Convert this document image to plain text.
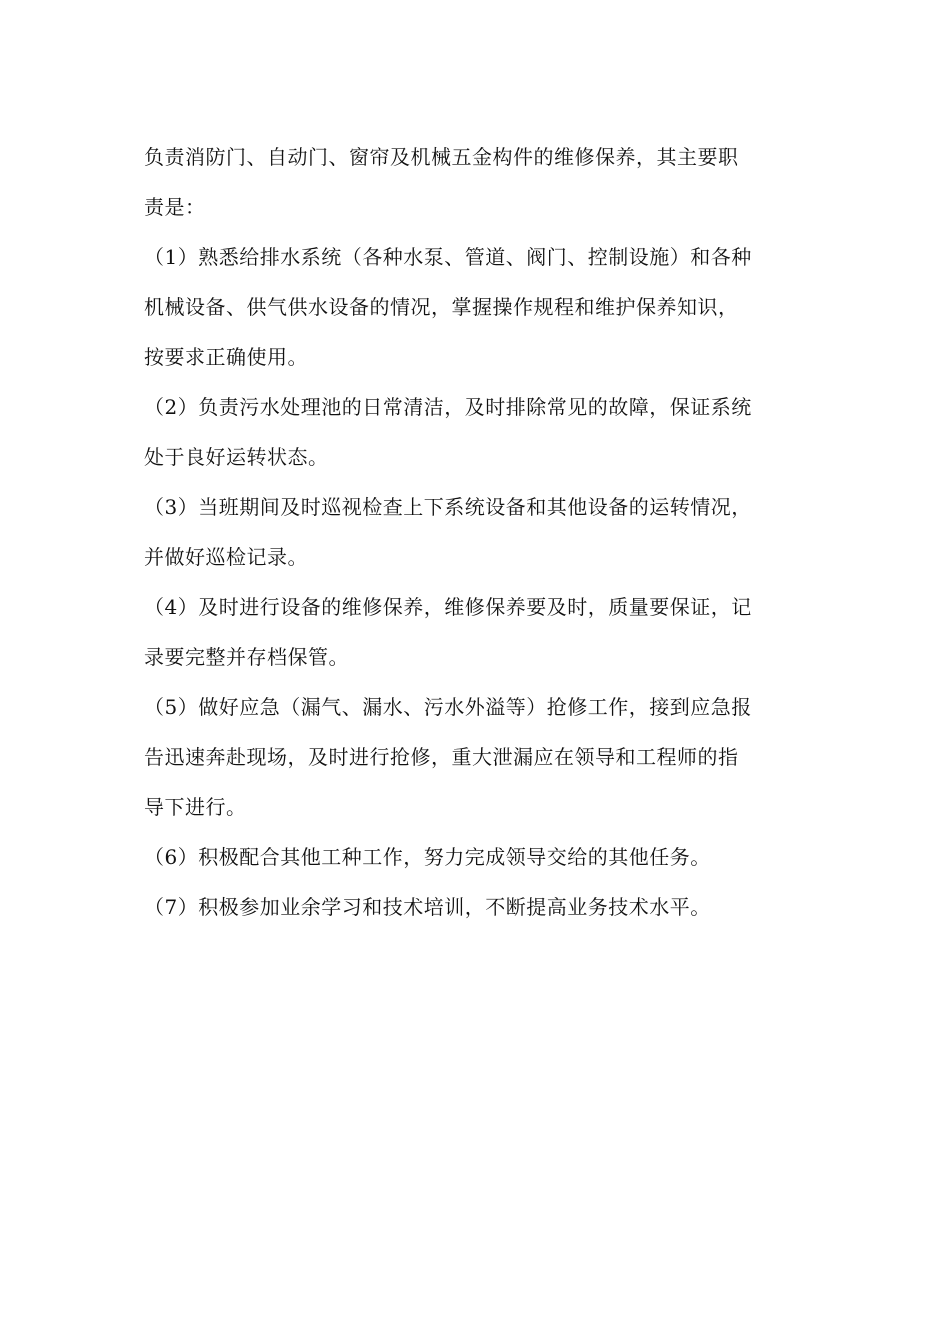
负责消防门、自动门、窗帘及机械五金构件的维修保养，其主要职
责是：

（1）熟悉给排水系统（各种水泵、管道、阀门、控制设施）和各种
机械设备、供气供水设备的情况，掌握操作规程和维护保养知识，
按要求正确使用。

（2）负责污水处理池的日常清洁，及时排除常见的故障，保证系统
处于良好运转状态。

（3）当班期间及时巡视检查上下系统设备和其他设备的运转情况，
并做好巡检记录。

（4）及时进行设备的维修保养，维修保养要及时，质量要保证，记
录要完整并存档保管。

（5）做好应急（漏气、漏水、污水外溢等）抢修工作，接到应急报
告迅速奔赴现场，及时进行抢修，重大泄漏应在领导和工程师的指
导下进行。

（6）积极配合其他工种工作，努力完成领导交给的其他任务。

（7）积极参加业余学习和技术培训，不断提高业务技术水平。
